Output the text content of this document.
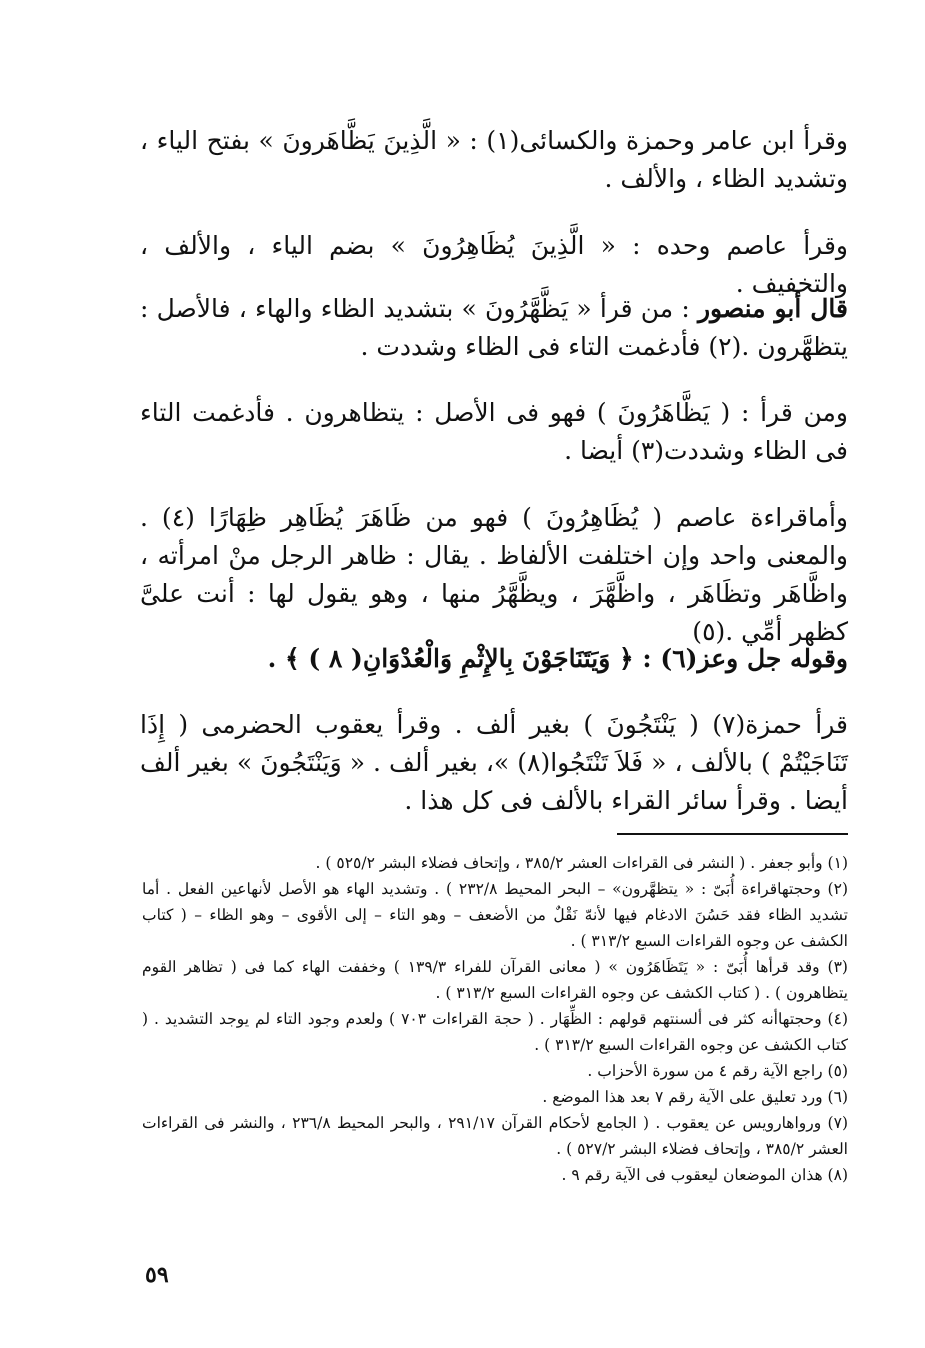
وقرأ ابن عامر وحمزة والكسائى(١) : « الَّذِينَ يَظَّاهَرونَ » بفتح الياء ، وتشديد الظاء ، والألف .

وقرأ عاصم وحده : « الَّذِينَ يُظَاهِرُونَ » بضم الياء ، والألف ، والتخفيف .

قال أبو منصور : من قرأ « يَظَّهَّرُونَ » بتشديد الظاء والهاء ، فالأصل : يتظهَّرون .(٢) فأدغمت التاء فى الظاء وشددت .

ومن قرأ : ( يَظَّاهَرُونَ ) فهو فى الأصل : يتظاهرون . فأدغمت التاء فى الظاء وشددت(٣) أيضا .

وأماقراءة عاصم ( يُظَاهِرُونَ ) فهو من ظَاهَرَ يُظَاهِر ظِهَارًا (٤) . والمعنى واحد وإن اختلفت الألفاظ . يقال : ظاهر الرجل منْ امرأته ، واظَّاهَر وتظَاهَر ، واظَّهَّرَ ، ويظَّهَّرُ منها ، وهو يقول لها : أنت علىَّ كظهر أمِّي .(٥)

وقوله جل وعز(٦) : ﴿ وَيَتَنَاجَوْنَ بِالإِثْمِ وَالْعُدْوَانِ( ٨ ) ﴾ .

قرأ حمزة(٧) ( يَنْتَجُونَ ) بغير ألف . وقرأ يعقوب الحضرمى ( إِذَا تَنَاجَيْتُمْ ) بالألف ، « فَلاَ تَنْتَجُوا(٨) »، بغير ألف . « وَيَنْتَجُونَ » بغير ألف أيضا . وقرأ سائر القراء بالألف فى كل هذا .

(١) وأبو جعفر . ( النشر فى القراءات العشر ٣٨٥/٢ ، وإتحاف فضلاء البشر ٥٢٥/٢ ) .

(٢) وحجتهاقراءة أُبَىّ : « يتظهَّرون» – البحر المحيط ٢٣٢/٨ ) . وتشديد الهاء هو الأصل لأنهاعين الفعل . أما تشديد الظاء فقد حَسُنَ الادغام فيها لأنهّ نَقْلٌ من الأضعف – وهو التاء – إلى الأقوى – وهو الظاء – ( كتاب الكشف عن وجوه القراءات السبع ٣١٣/٢ ) .

(٣) وقد قرأها أُبَىّ : « يَتَظَاهَرُون » ( معانى القرآن للفراء ١٣٩/٣ ) وخففت الهاء كما فى ( تظاهر القوم يتظاهرون ) . ( كتاب الكشف عن وجوه القراءات السبع ٣١٣/٢ ) .

(٤) وحجتهاأنه كثر فى ألسنتهم قولهم : الظِّهَار . ( حجة القراءات ٧٠٣ ) ولعدم وجود التاء لم يوجد التشديد . ( كتاب الكشف عن وجوه القراءات السبع ٣١٣/٢ ) .

(٥) راجع الآية رقم ٤ من سورة الأحزاب .

(٦) ورد تعليق على الآية رقم ٧ بعد هذا الموضع .

(٧) ورواهارويس عن يعقوب . ( الجامع لأحكام القرآن ٢٩١/١٧ ، والبحر المحيط ٢٣٦/٨ ، والنشر فى القراءات العشر ٣٨٥/٢ ، وإتحاف فضلاء البشر ٥٢٧/٢ ) .

(٨) هذان الموضعان ليعقوب فى الآية رقم ٩ .

٥٩
